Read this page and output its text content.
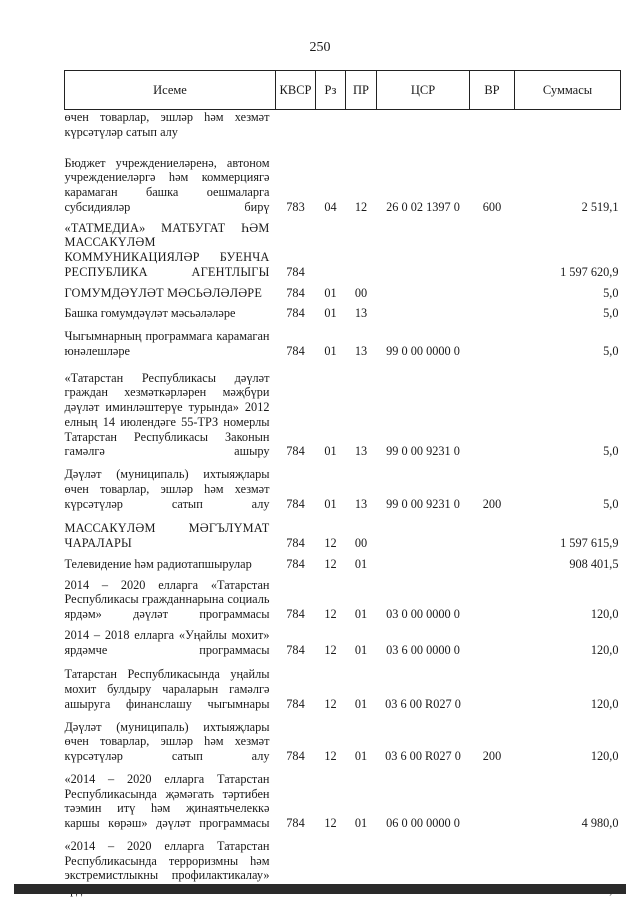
250
Исеме	КВСР	Рз	ПР	ЦСР	ВР	Суммасы
өчен товарлар, эшләр һәм хезмәт күрсәтүләр сатып алу						
Бюджет учреждениеләренә, автоном учреждениеләргә һәм коммерциягә карамаган башка оешмаларга субсидияләр бирү	783	04	12	26 0 02 1397 0	600	2 519,1
«ТАТМЕДИА» МАТБУГАТ ҺӘМ МАССАКҮЛӘМ КОММУНИКАЦИЯЛӘР БУЕНЧА РЕСПУБЛИКА АГЕНТЛЫГЫ	784					1 597 620,9
ГОМУМДӘҮЛӘТ МӘСЬӘЛӘЛӘРЕ	784	01	00			5,0
Башка гомумдәүләт мәсьәләләре	784	01	13			5,0
Чыгымнарның программага карамаган юнәлешләре	784	01	13	99 0 00 0000 0		5,0
«Татарстан Республикасы дәүләт граждан хезмәткәрләрен мәҗбүри дәүләт иминләштерүе турында» 2012 елның 14 июлендәге 55-ТРЗ номерлы Татарстан Республикасы Законын гамәлгә ашыру	784	01	13	99 0 00 9231 0		5,0
Дәүләт (муниципаль) ихтыяҗлары өчен товарлар, эшләр һәм хезмәт күрсәтүләр сатып алу	784	01	13	99 0 00 9231 0	200	5,0
МАССАКҮЛӘМ МӘГЪЛҮМАТ ЧАРАЛАРЫ	784	12	00			1 597 615,9
Телевидение һәм радиотапшырулар	784	12	01			908 401,5
2014 – 2020 елларга «Татарстан Республикасы гражданнарына социаль ярдәм» дәүләт программасы	784	12	01	03 0 00 0000 0		120,0
2014 – 2018 елларга «Уңайлы мохит» ярдәмче программасы	784	12	01	03 6 00 0000 0		120,0
Татарстан Республикасында уңайлы мохит булдыру чараларын гамәлгә ашыруга финанслашу чыгымнары	784	12	01	03 6 00 R027 0		120,0
Дәүләт (муниципаль) ихтыяҗлары өчен товарлар, эшләр һәм хезмәт күрсәтүләр сатып алу	784	12	01	03 6 00 R027 0	200	120,0
«2014 – 2020 елларга Татарстан Республикасында җәмәгать тәртибен тәэмин итү һәм җинаятьчелеккә каршы көрәш» дәүләт программасы	784	12	01	06 0 00 0000 0		4 980,0
«2014 – 2020 елларга Татарстан Республикасында терроризмны һәм экстремистлыкны профилактикалау»						
